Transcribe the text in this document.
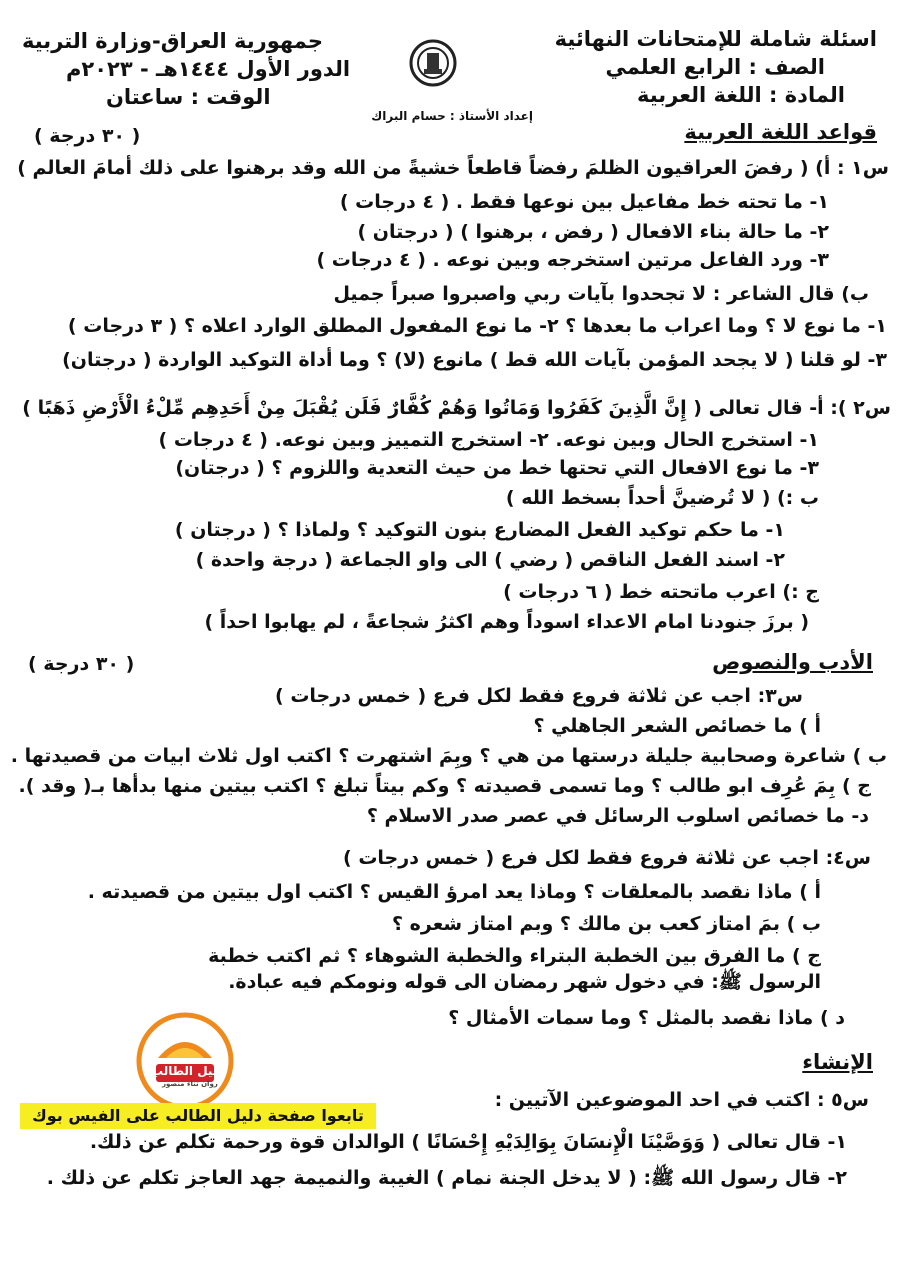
اسئلة شاملة للإمتحانات النهائية
الصف : الرابع العلمي
المادة : اللغة العربية
جمهورية العراق-وزارة التربية
الدور الأول ١٤٤٤هـ - ٢٠٢٣م
الوقت : ساعتان
إعداد الأستاذ : حسام البراك
قواعد اللغة العربية
( ٣٠ درجة )
س١ : أ) ( رفضَ العراقيون الظلمَ رفضاً قاطعاً خشيةً من الله وقد برهنوا على ذلك أمامَ العالم )
١- ما تحته خط مفاعيل بين نوعها فقط . ( ٤ درجات )
٢- ما حالة بناء الافعال ( رفض ، برهنوا ) ( درجتان )
٣- ورد الفاعل مرتين استخرجه وبين نوعه . ( ٤ درجات )
ب) قال الشاعر : لا تجحدوا بآيات ربي واصبروا صبراً جميل
١- ما نوع لا ؟ وما اعراب ما بعدها ؟ ٢- ما نوع المفعول المطلق الوارد اعلاه ؟ ( ٣ درجات )
٣- لو قلنا ( لا يجحد المؤمن بآيات الله قط ) مانوع (لا) ؟ وما أداة التوكيد الواردة ( درجتان)
س٢ ): أ- قال تعالى ( إِنَّ الَّذِينَ كَفَرُوا وَمَاتُوا وَهُمْ كُفَّارٌ فَلَن يُقْبَلَ مِنْ أَحَدِهِم مِّلْءُ الْأَرْضِ ذَهَبًا )
١- استخرج الحال وبين نوعه. ٢- استخرج التمييز وبين نوعه. ( ٤ درجات )
٣- ما نوع الافعال التي تحتها خط من حيث التعدية واللزوم ؟ ( درجتان)
ب :) ( لا تُرضينَّ أحداً بسخط الله )
١- ما حكم توكيد الفعل المضارع بنون التوكيد ؟ ولماذا ؟ ( درجتان )
٢- اسند الفعل الناقص ( رضي ) الى واو الجماعة ( درجة واحدة )
ج :) اعرب ماتحته خط ( ٦ درجات )
( برزَ جنودنا امام الاعداء اسوداً وهم اكثرُ شجاعةً ، لم يهابوا احداً )
الأدب والنصوص
( ٣٠ درجة )
س٣: اجب عن ثلاثة فروع فقط لكل فرع ( خمس درجات )
أ ) ما خصائص الشعر الجاهلي ؟
ب ) شاعرة وصحابية جليلة درستها من هي ؟ وبِمَ اشتهرت ؟ اكتب اول ثلاث ابيات من قصيدتها .
ج ) بِمَ عُرِف ابو طالب ؟ وما تسمى قصيدته ؟ وكم بيتاً تبلغ ؟ اكتب بيتين منها بدأها بـ( وقد ).
د- ما خصائص اسلوب الرسائل في عصر صدر الاسلام ؟
س٤: اجب عن ثلاثة فروع فقط لكل فرع ( خمس درجات )
أ ) ماذا نقصد بالمعلقات ؟ وماذا يعد امرؤ القيس ؟ اكتب اول بيتين من قصيدته .
ب ) بمَ امتاز كعب بن مالك ؟ وبم امتاز شعره ؟
ج ) ما الفرق بين الخطبة البتراء والخطبة الشوهاء ؟ ثم اكتب خطبة
الرسول ﷺ: في دخول شهر رمضان الى قوله ونومكم فيه عبادة.
د ) ماذا نقصد بالمثل ؟ وما سمات الأمثال ؟
دليل الطالب
روان ثناء منصور
الإنشاء
س٥ : اكتب في احد الموضوعين الآتيين :
تابعوا صفحة دليل الطالب على الفيس بوك
١- قال تعالى ( وَوَصَّيْنَا الْإِنسَانَ بِوَالِدَيْهِ إِحْسَانًا ) الوالدان قوة ورحمة تكلم عن ذلك.
٢- قال رسول الله ﷺ: ( لا يدخل الجنة نمام ) الغيبة والنميمة جهد العاجز تكلم عن ذلك .
